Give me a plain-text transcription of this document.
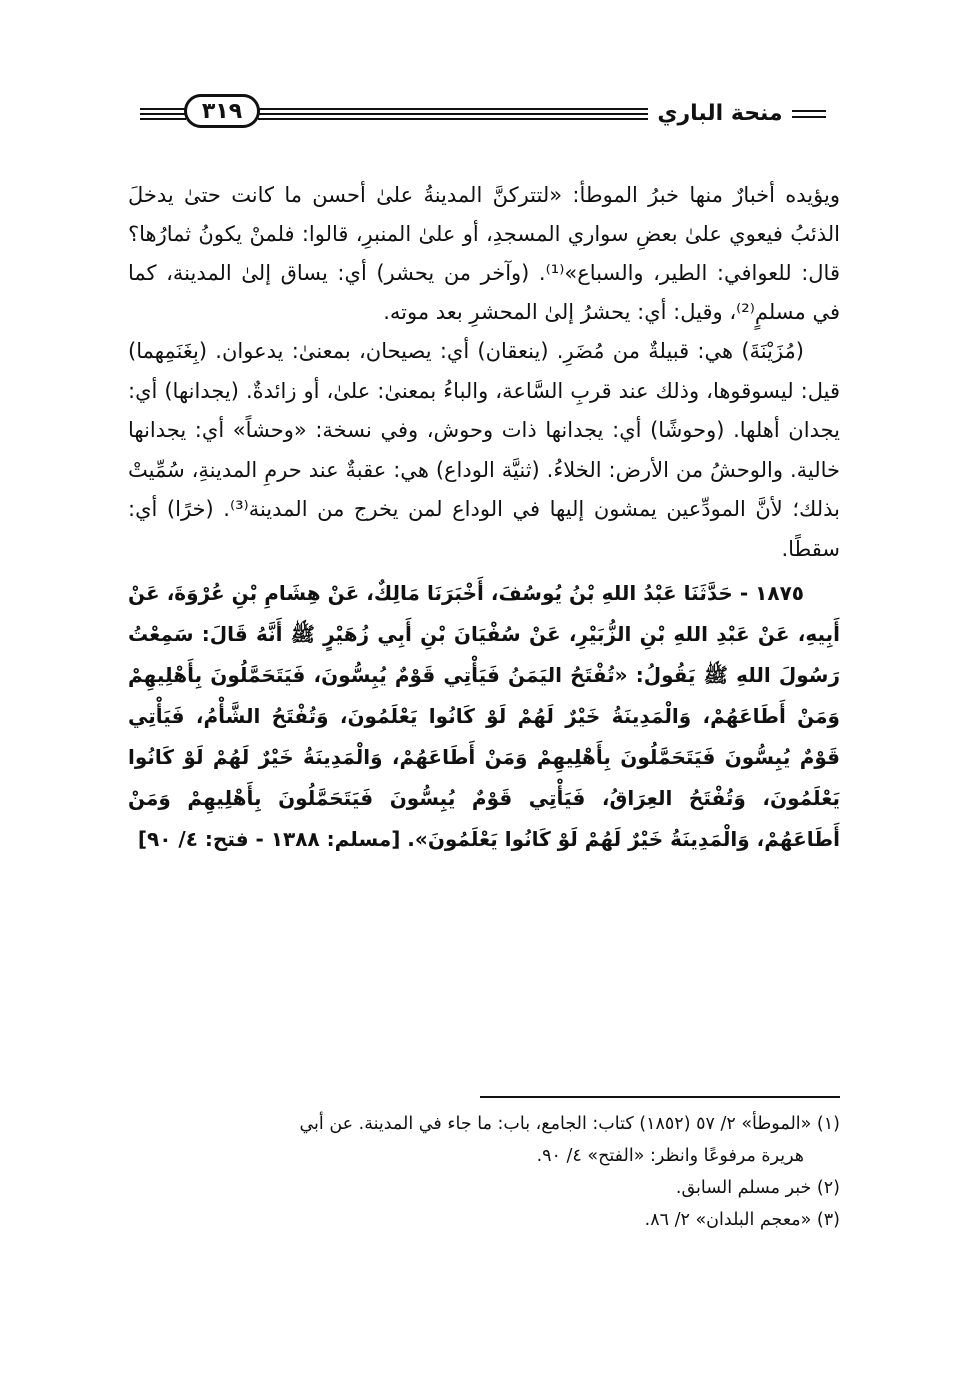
٣١٩	منحة الباري

ويؤيده أخبارٌ منها خبرُ الموطأ: «لتتركنَّ المدينةُ علىٰ أحسن ما كانت حتىٰ يدخلَ الذئبُ فيعوي علىٰ بعضِ سواري المسجدِ، أو علىٰ المنبرِ، قالوا: فلمنْ يكونُ ثمارُها؟ قال: للعوافي: الطير، والسباع»⁽¹⁾. (وآخر من يحشر) أي: يساق إلىٰ المدينة، كما في مسلمٍ⁽²⁾، وقيل: أي: يحشرُ إلىٰ المحشرِ بعد موته.

(مُزَيْنَةَ) هي: قبيلةٌ من مُضَرِ. (ينعقان) أي: يصيحان، بمعنىٰ: يدعوان. (بِغَنَمِهما) قيل: ليسوقوها، وذلك عند قربِ السَّاعة، والباءُ بمعنىٰ: علىٰ، أو زائدةٌ. (يجدانها) أي: يجدان أهلها. (وحوشًا) أي: يجدانها ذات وحوش، وفي نسخة: «وحشاً» أي: يجدانها خالية. والوحشُ من الأرض: الخلاءُ. (ثنيَّة الوداع) هي: عقبةٌ عند حرمِ المدينةِ، سُمِّيتْ بذلك؛ لأنَّ المودِّعين يمشون إليها في الوداع لمن يخرج من المدينة⁽³⁾. (خرًا) أي: سقطًا.

١٨٧٥ - حَدَّثَنَا عَبْدُ اللهِ بْنُ يُوسُفَ، أَخْبَرَنَا مَالِكٌ، عَنْ هِشَامِ بْنِ عُرْوَةَ، عَنْ أَبِيهِ، عَنْ عَبْدِ اللهِ بْنِ الزُّبَيْرِ، عَنْ سُفْيَانَ بْنِ أَبِي زُهَيْرٍ ﷺ أَنَّهُ قَالَ: سَمِعْتُ رَسُولَ اللهِ ﷺ يَقُولُ: «تُفْتَحُ اليَمَنُ فَيَأْتِي قَوْمٌ يُبِسُّونَ، فَيَتَحَمَّلُونَ بِأَهْلِيهِمْ وَمَنْ أَطَاعَهُمْ، وَالْمَدِينَةُ خَيْرٌ لَهُمْ لَوْ كَانُوا يَعْلَمُونَ، وَتُفْتَحُ الشَّأْمُ، فَيَأْتِي قَوْمٌ يُبِسُّونَ فَيَتَحَمَّلُونَ بِأَهْلِيهِمْ وَمَنْ أَطَاعَهُمْ، وَالْمَدِينَةُ خَيْرٌ لَهُمْ لَوْ كَانُوا يَعْلَمُونَ، وَتُفْتَحُ العِرَاقُ، فَيَأْتِي قَوْمٌ يُبِسُّونَ فَيَتَحَمَّلُونَ بِأَهْلِيهِمْ وَمَنْ أَطَاعَهُمْ، وَالْمَدِينَةُ خَيْرٌ لَهُمْ لَوْ كَانُوا يَعْلَمُونَ». [مسلم: ١٣٨٨ - فتح: ٤/ ٩٠]

(١) «الموطأ» ٢/ ٥٧ (١٨٥٢) كتاب: الجامع، باب: ما جاء في المدينة. عن أبي

هريرة مرفوعًا وانظر: «الفتح» ٤/ ٩٠.

(٢) خبر مسلم السابق.

(٣) «معجم البلدان» ٢/ ٨٦.
